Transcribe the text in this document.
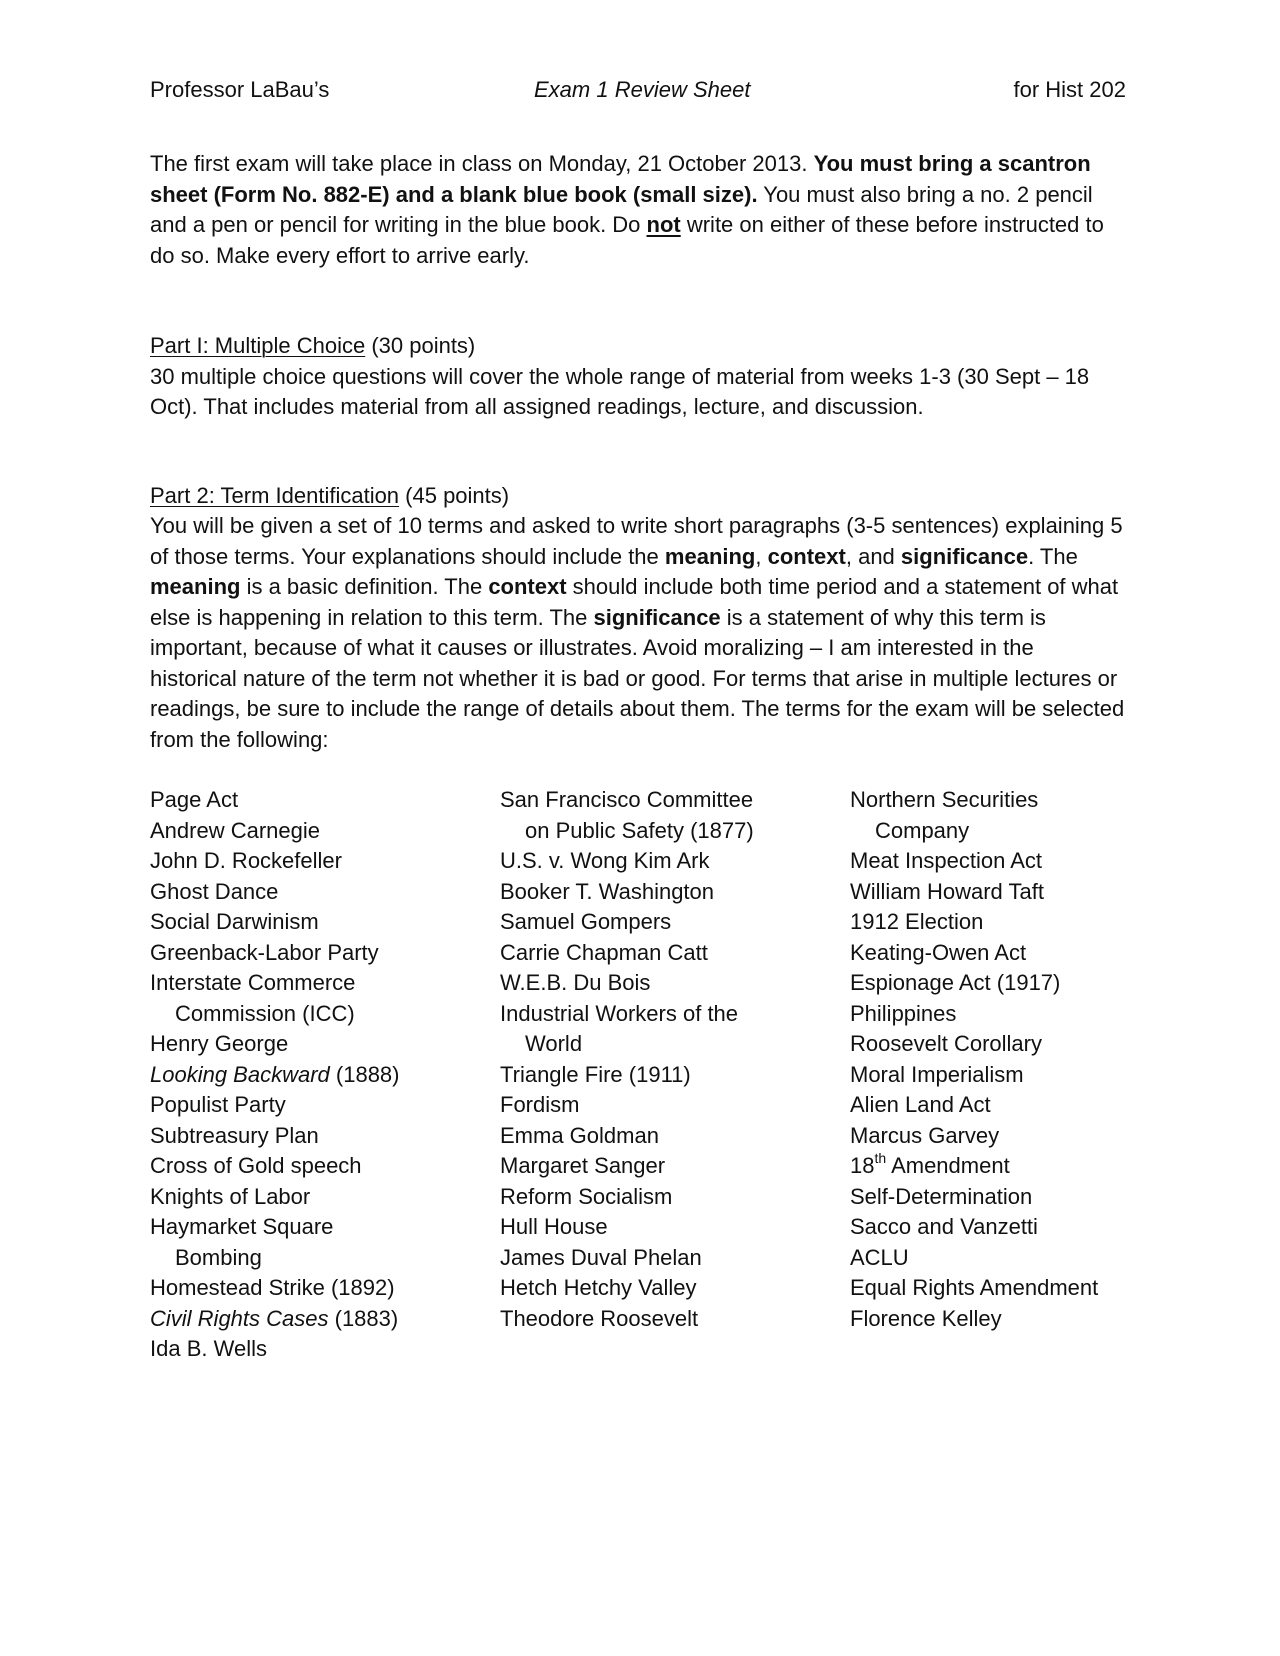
Professor LaBau’s	Exam 1 Review Sheet	for Hist 202

The first exam will take place in class on Monday, 21 October 2013. You must bring a scantron sheet (Form No. 882-E) and a blank blue book (small size). You must also bring a no. 2 pencil and a pen or pencil for writing in the blue book. Do not write on either of these before instructed to do so. Make every effort to arrive early.

Part I: Multiple Choice (30 points)

30 multiple choice questions will cover the whole range of material from weeks 1-3 (30 Sept – 18 Oct). That includes material from all assigned readings, lecture, and discussion.

Part 2: Term Identification (45 points)

You will be given a set of 10 terms and asked to write short paragraphs (3-5 sentences) explaining 5 of those terms. Your explanations should include the meaning, context, and significance. The meaning is a basic definition. The context should include both time period and a statement of what else is happening in relation to this term. The significance is a statement of why this term is important, because of what it causes or illustrates. Avoid moralizing – I am interested in the historical nature of the term not whether it is bad or good. For terms that arise in multiple lectures or readings, be sure to include the range of details about them. The terms for the exam will be selected from the following:

Page Act
Andrew Carnegie
John D. Rockefeller
Ghost Dance
Social Darwinism
Greenback-Labor Party
Interstate Commerce
Commission (ICC)
Henry George
Looking Backward (1888)
Populist Party
Subtreasury Plan
Cross of Gold speech
Knights of Labor
Haymarket Square
Bombing
Homestead Strike (1892)
Civil Rights Cases (1883)
Ida B. Wells
San Francisco Committee
on Public Safety (1877)
U.S. v. Wong Kim Ark
Booker T. Washington
Samuel Gompers
Carrie Chapman Catt
W.E.B. Du Bois
Industrial Workers of the
World
Triangle Fire (1911)
Fordism
Emma Goldman
Margaret Sanger
Reform Socialism
Hull House
James Duval Phelan
Hetch Hetchy Valley
Theodore Roosevelt
Northern Securities
Company
Meat Inspection Act
William Howard Taft
1912 Election
Keating-Owen Act
Espionage Act (1917)
Philippines
Roosevelt Corollary
Moral Imperialism
Alien Land Act
Marcus Garvey
18th Amendment
Self-Determination
Sacco and Vanzetti
ACLU
Equal Rights Amendment
Florence Kelley
